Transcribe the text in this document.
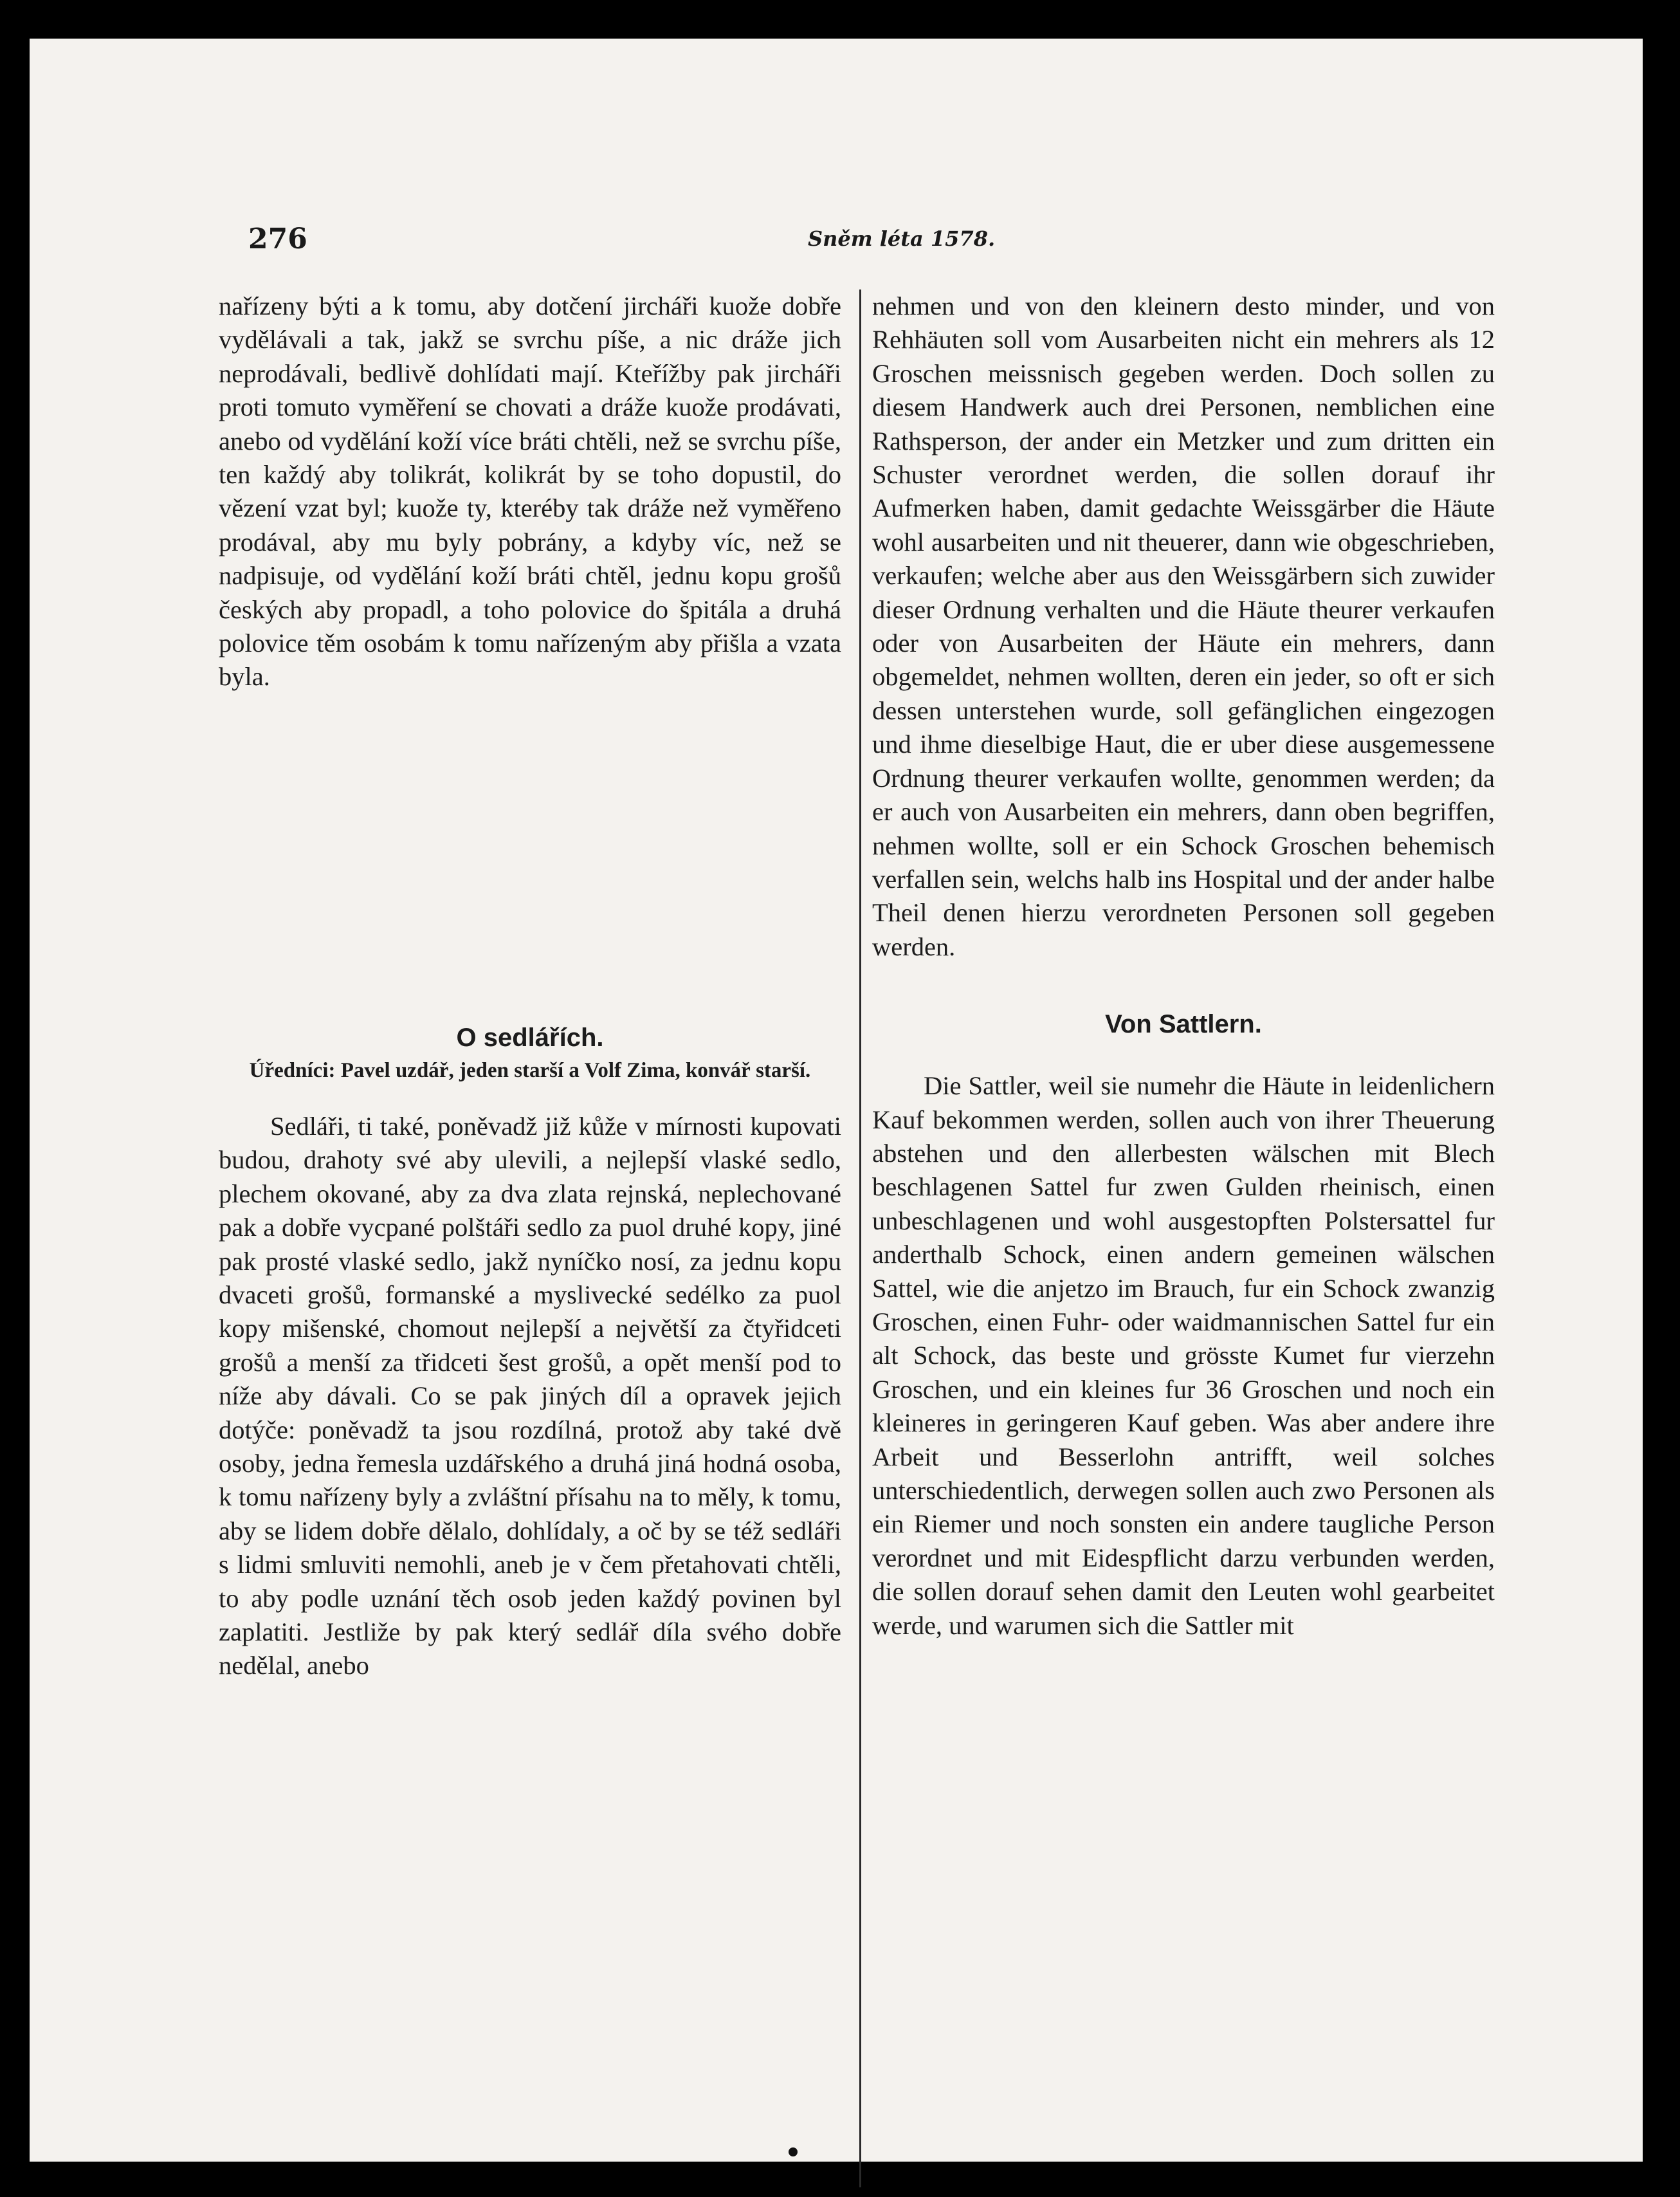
276	Sněm léta 1578.

nařízeny býti a k tomu, aby dotčení jircháři kuože dobře vydělávali a tak, jakž se svrchu píše, a nic dráže jich neprodávali, bedlivě dohlídati mají. Kteřížby pak jircháři proti tomuto vyměření se chovati a dráže kuože prodávati, anebo od vydělání koží více bráti chtěli, než se svrchu píše, ten každý aby tolikrát, kolikrát by se toho dopustil, do vězení vzat byl; kuože ty, kteréby tak dráže než vyměřeno prodával, aby mu byly pobrány, a kdyby víc, než se nadpisuje, od vydělání koží bráti chtěl, jednu kopu grošů českých aby propadl, a toho polovice do špitála a druhá polovice těm osobám k tomu nařízeným aby přišla a vzata byla.

O sedlářích.
Úředníci: Pavel uzdář, jeden starší a Volf Zima, konvář starší.

Sedláři, ti také, poněvadž již kůže v mírnosti kupovati budou, drahoty své aby ulevili, a nejlepší vlaské sedlo, plechem okované, aby za dva zlata rejnská, neplechované pak a dobře vycpané polštáři sedlo za puol druhé kopy, jiné pak prosté vlaské sedlo, jakž nyníčko nosí, za jednu kopu dvaceti grošů, formanské a myslivecké sedélko za puol kopy mišenské, chomout nejlepší a největší za čtyřidceti grošů a menší za třidceti šest grošů, a opět menší pod to níže aby dávali. Co se pak jiných díl a opravek jejich dotýče: poněvadž ta jsou rozdílná, protož aby také dvě osoby, jedna řemesla uzdářského a druhá jiná hodná osoba, k tomu nařízeny byly a zvláštní přísahu na to měly, k tomu, aby se lidem dobře dělalo, dohlídaly, a oč by se též sedláři s lidmi smluviti nemohli, aneb je v čem přetahovati chtěli, to aby podle uznání těch osob jeden každý povinen byl zaplatiti. Jestliže by pak který sedlář díla svého dobře nedělal, anebo

nehmen und von den kleinern desto minder, und von Rehhäuten soll vom Ausarbeiten nicht ein mehrers als 12 Groschen meissnisch gegeben werden. Doch sollen zu diesem Handwerk auch drei Personen, nemblichen eine Rathsperson, der ander ein Metzker und zum dritten ein Schuster verordnet werden, die sollen dorauf ihr Aufmerken haben, damit gedachte Weissgärber die Häute wohl ausarbeiten und nit theuerer, dann wie obgeschrieben, verkaufen; welche aber aus den Weissgärbern sich zuwider dieser Ordnung verhalten und die Häute theurer verkaufen oder von Ausarbeiten der Häute ein mehrers, dann obgemeldet, nehmen wollten, deren ein jeder, so oft er sich dessen unterstehen wurde, soll gefänglichen eingezogen und ihme dieselbige Haut, die er uber diese ausgemessene Ordnung theurer verkaufen wollte, genommen werden; da er auch von Ausarbeiten ein mehrers, dann oben begriffen, nehmen wollte, soll er ein Schock Groschen behemisch verfallen sein, welchs halb ins Hospital und der ander halbe Theil denen hierzu verordneten Personen soll gegeben werden.

Von Sattlern.

Die Sattler, weil sie numehr die Häute in leidenlichern Kauf bekommen werden, sollen auch von ihrer Theuerung abstehen und den allerbesten wälschen mit Blech beschlagenen Sattel fur zwen Gulden rheinisch, einen unbeschlagenen und wohl ausgestopften Polstersattel fur anderthalb Schock, einen andern gemeinen wälschen Sattel, wie die anjetzo im Brauch, fur ein Schock zwanzig Groschen, einen Fuhr- oder waidmannischen Sattel fur ein alt Schock, das beste und grösste Kumet fur vierzehn Groschen, und ein kleines fur 36 Groschen und noch ein kleineres in geringeren Kauf geben. Was aber andere ihre Arbeit und Besserlohn antrifft, weil solches unterschiedentlich, derwegen sollen auch zwo Personen als ein Riemer und noch sonsten ein andere taugliche Person verordnet und mit Eidespflicht darzu verbunden werden, die sollen dorauf sehen damit den Leuten wohl gearbeitet werde, und warumen sich die Sattler mit
